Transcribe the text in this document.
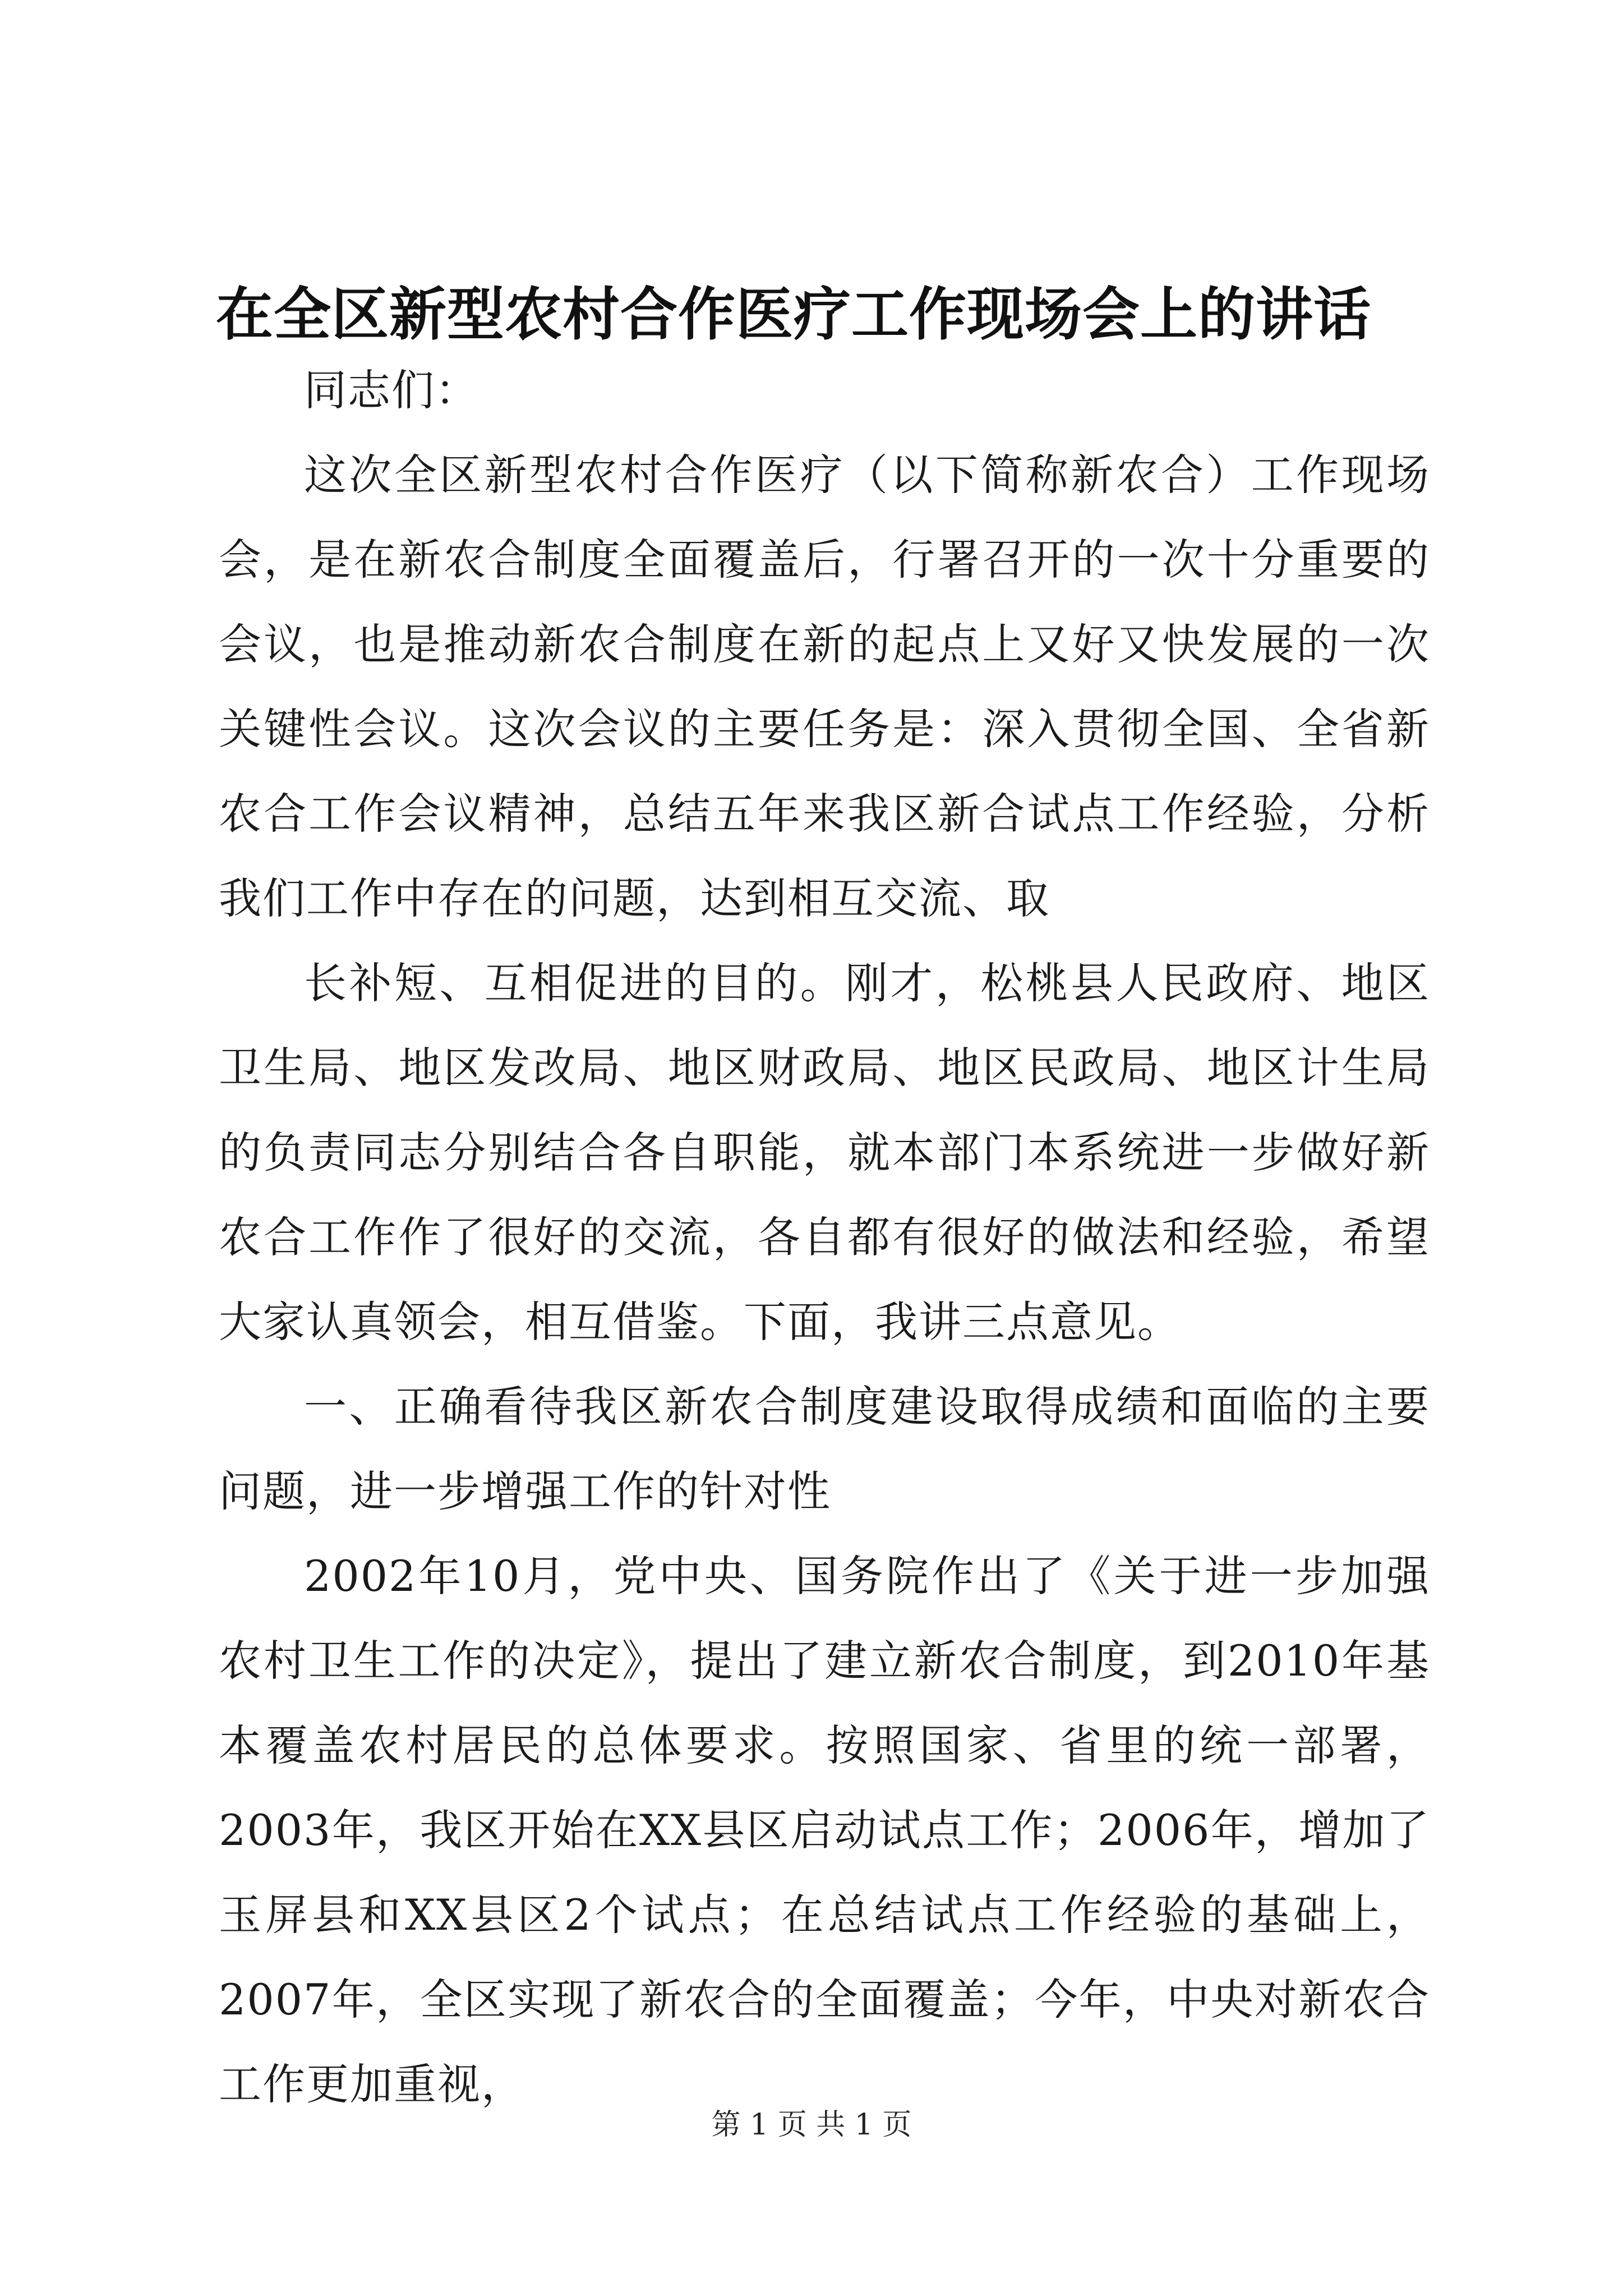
在全区新型农村合作医疗工作现场会上的讲话

同志们：

这次全区新型农村合作医疗（以下简称新农合）工作现场会，是在新农合制度全面覆盖后，行署召开的一次十分重要的会议，也是推动新农合制度在新的起点上又好又快发展的一次关键性会议。这次会议的主要任务是：深入贯彻全国、全省新农合工作会议精神，总结五年来我区新合试点工作经验，分析我们工作中存在的问题，达到相互交流、取

长补短、互相促进的目的。刚才，松桃县人民政府、地区卫生局、地区发改局、地区财政局、地区民政局、地区计生局的负责同志分别结合各自职能，就本部门本系统进一步做好新农合工作作了很好的交流，各自都有很好的做法和经验，希望大家认真领会，相互借鉴。下面，我讲三点意见。

一、正确看待我区新农合制度建设取得成绩和面临的主要问题，进一步增强工作的针对性

2002年10月，党中央、国务院作出了《关于进一步加强农村卫生工作的决定》，提出了建立新农合制度，到2010年基本覆盖农村居民的总体要求。按照国家、省里的统一部署，2003年，我区开始在XX县区启动试点工作；2006年，增加了玉屏县和XX县区2个试点；在总结试点工作经验的基础上，2007年，全区实现了新农合的全面覆盖；今年，中央对新农合工作更加重视，

第 1 页 共 1 页
